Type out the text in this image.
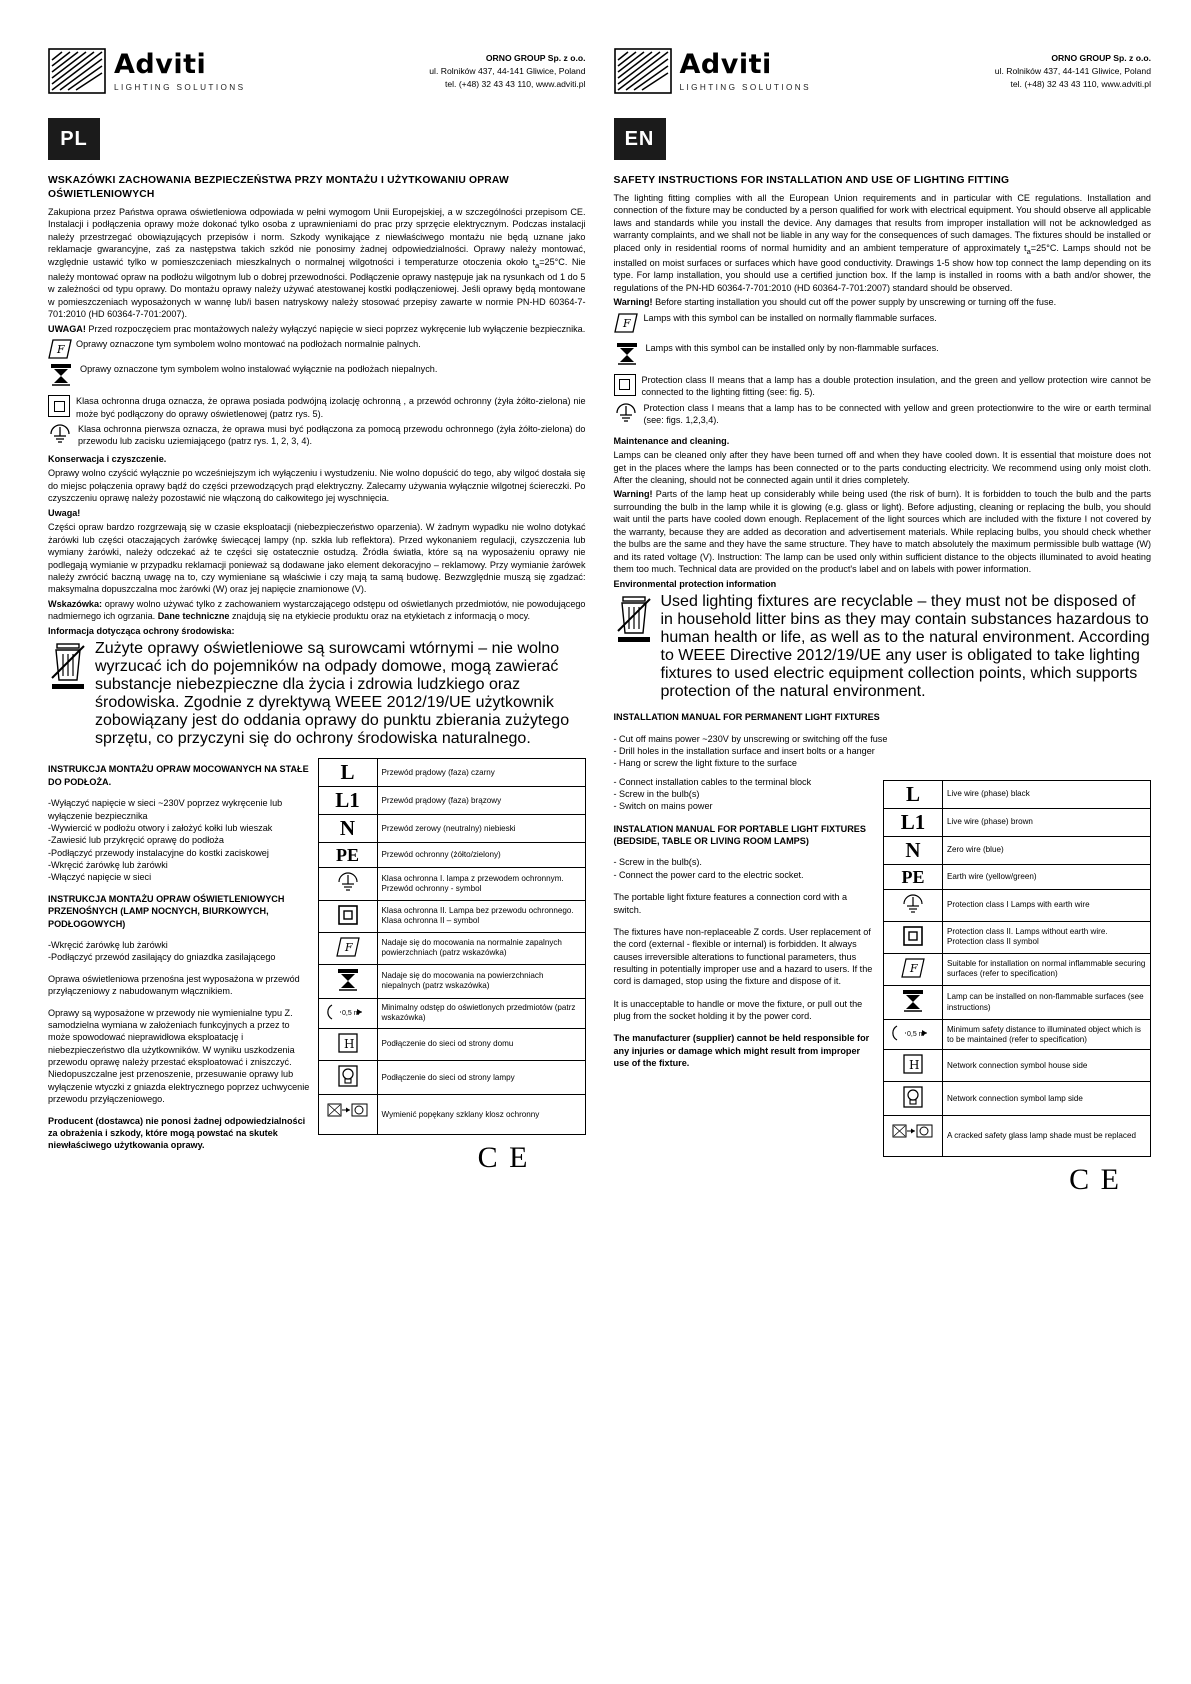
Adviti
LIGHTING SOLUTIONS
ORNO GROUP Sp. z o.o.
ul. Rolników 437, 44-141 Gliwice, Poland
tel. (+48) 32 43 43 110, www.adviti.pl
PL
WSKAZÓWKI ZACHOWANIA BEZPIECZEŃSTWA PRZY MONTAŻU I UŻYTKOWANIU OPRAW OŚWIETLENIOWYCH

Zakupiona przez Państwa oprawa oświetleniowa odpowiada w pełni wymogom Unii Europejskiej, a w szczególności przepisom CE. Instalacji i podłączenia oprawy może dokonać tylko osoba z uprawnieniami do prac przy sprzęcie elektrycznym. Podczas instalacji należy przestrzegać obowiązujących przepisów i norm. Szkody wynikające z niewłaściwego montażu nie będą uznane jako reklamacje gwarancyjne, zaś za następstwa takich szkód nie ponosimy żadnej odpowiedzialności. Oprawy należy montować, względnie ustawić tylko w pomieszczeniach mieszkalnych o normalnej wilgotności i temperaturze otoczenia około $t_a=25^\circ C$. Nie należy montować opraw na podłożu wilgotnym lub o dobrej przewodności. Podłączenie oprawy następuje jak na rysunkach od 1 do 5 w zależności od typu oprawy. Do montażu oprawy należy używać atestowanej kostki podłączeniowej. Jeśli oprawy będą montowane w pomieszczeniach wyposażonych w wannę lub/i basen natryskowy należy stosować przepisy zawarte w normie PN-HD 60364-7-701:2010 (HD 60364-7-701:2007).

UWAGA! Przed rozpoczęciem prac montażowych należy wyłączyć napięcie w sieci poprzez wykręcenie lub wyłączenie bezpiecznika.

F Oprawy oznaczone tym symbolem wolno montować na podłożach normalnie palnych.
Oprawy oznaczone tym symbolem wolno instalować wyłącznie na podłożach niepalnych.
Klasa ochronna druga oznacza, że oprawa posiada podwójną izolację ochronną , a przewód ochronny (żyła żółto-zielona) nie może być podłączony do oprawy oświetlenowej (patrz rys. 5).
Klasa ochronna pierwsza oznacza, że oprawa musi być podłączona za pomocą przewodu ochronnego (żyła żółto-zielona) do przewodu lub zacisku uziemiającego (patrz rys. 1, 2, 3, 4).

Konserwacja i czyszczenie.

Oprawy wolno czyścić wyłącznie po wcześniejszym ich wyłączeniu i wystudzeniu. Nie wolno dopuścić do tego, aby wilgoć dostała się do miejsc połączenia oprawy bądź do części przewodzących prąd elektryczny. Zalecamy używania wyłącznie wilgotnej ściereczki. Po czyszczeniu oprawę należy pozostawić nie włączoną do całkowitego jej wyschnięcia.

Uwaga!

Części opraw bardzo rozgrzewają się w czasie eksploatacji (niebezpieczeństwo oparzenia). W żadnym wypadku nie wolno dotykać żarówki lub części otaczających żarówkę świecącej lampy (np. szkła lub reflektora). Przed wykonaniem regulacji, czyszczenia lub wymiany żarówki, należy odczekać aż te części się ostatecznie ostudzą. Źródła światła, które są na wyposażeniu oprawy nie podlegają wymianie w przypadku reklamacji ponieważ są dodawane jako element dekoracyjno – reklamowy. Przy wymianie żarówek należy zwrócić baczną uwagę na to, czy wymieniane są właściwie i czy mają ta samą budowę. Bezwzględnie muszą się zgadzać: maksymalna dopuszczalna moc żarówki (W) oraz jej napięcie znamionowe (V).

Wskazówka: oprawy wolno używać tylko z zachowaniem wystarczającego odstępu od oświetlanych przedmiotów, nie powodującego nadmiernego ich ogrzania. Dane techniczne znajdują się na etykiecie produktu oraz na etykietach z informacją o mocy.

Informacja dotycząca ochrony środowiska:

Zużyte oprawy oświetleniowe są surowcami wtórnymi – nie wolno wyrzucać ich do pojemników na odpady domowe, mogą zawierać substancje niebezpieczne dla życia i zdrowia ludzkiego oraz środowiska. Zgodnie z dyrektywą WEEE 2012/19/UE użytkownik zobowiązany jest do oddania oprawy do punktu zbierania zużytego sprzętu, co przyczyni się do ochrony środowiska naturalnego.

INSTRUKCJA MONTAŻU OPRAW MOCOWANYCH NA STAŁE DO PODŁOŻA.

-Wyłączyć napięcie w sieci ~230V poprzez wykręcenie lub wyłączenie bezpiecznika
-Wywiercić w podłożu otwory i założyć kołki lub wieszak
-Zawiesić lub przykręcić oprawę do podłoża
-Podłączyć przewody instalacyjne do kostki zaciskowej
-Wkręcić żarówkę lub żarówki
-Włączyć napięcie w sieci

INSTRUKCJA MONTAŻU OPRAW OŚWIETLENIOWYCH PRZENOŚNYCH (LAMP NOCNYCH, BIURKOWYCH, PODŁOGOWYCH)

-Wkręcić żarówkę lub żarówki
-Podłączyć przewód zasilający do gniazdka zasilającego

Oprawa oświetleniowa przenośna jest wyposażona w przewód przyłączeniowy z nabudowanym włącznikiem.

Oprawy są wyposażone w przewody nie wymienialne typu Z. samodzielna wymiana w założeniach funkcyjnych a przez to może spowodować nieprawidłowa eksploatację i niebezpieczeństwo dla użytkowników. W wyniku uszkodzenia przewodu oprawę należy przestać eksploatować i zniszczyć. Niedopuszczalne jest przenoszenie, przesuwanie oprawy lub wyłączenie wtyczki z gniazda elektrycznego poprzez uchwycenie przewodu przyłączeniowego.

Producent (dostawca) nie ponosi żadnej odpowiedzialności za obrażenia i szkody, które mogą powstać na skutek niewłaściwego użytkowania oprawy.

L	Przewód prądowy (faza) czarny
L1	Przewód prądowy (faza) brązowy
N	Przewód zerowy (neutralny) niebieski
PE	Przewód ochronny (żółto/zielony)
	Klasa ochronna I. lampa z przewodem ochronnym. Przewód ochronny - symbol
	Klasa ochronna II. Lampa bez przewodu ochronnego. Klasa ochronna II – symbol

F	Nadaje się do mocowania na normalnie zapalnych powierzchniach (patrz wskazówka)
	Nadaje się do mocowania na powierzchniach niepalnych (patrz wskazówka)

0,5 m	Minimalny odstęp do oświetlonych przedmiotów (patrz wskazówka)

H	Podłączenie do sieci od strony domu
	Podłączenie do sieci od strony lampy
	Wymienić popękany szklany klosz ochronny
C E
Adviti
LIGHTING SOLUTIONS
ORNO GROUP Sp. z o.o.
ul. Rolników 437, 44-141 Gliwice, Poland
tel. (+48) 32 43 43 110, www.adviti.pl
EN
SAFETY INSTRUCTIONS FOR INSTALLATION AND USE OF LIGHTING FITTING

The lighting fitting complies with all the European Union requirements and in particular with CE regulations. Installation and connection of the fixture may be conducted by a person qualified for work with electrical equipment. You should observe all applicable laws and standards while you install the device. Any damages that results from improper installation will not be acknowledged as warranty complaints, and we shall not be liable in any way for the consequences of such damages. The fixtures should be installed or placed only in residential rooms of normal humidity and an ambient temperature of approximately $t_a=25^\circ C$. Lamps should not be installed on moist surfaces or surfaces which have good conductivity. Drawings 1-5 show how top connect the lamp depending on its type. For lamp installation, you should use a certified junction box. If the lamp is installed in rooms with a bath and/or shower, the regulations of the PN-HD 60364-7-701:2010 (HD 60364-7-701:2007) standard should be observed.

Warning! Before starting installation you should cut off the power supply by unscrewing or turning off the fuse.

F Lamps with this symbol can be installed on normally flammable surfaces.
Lamps with this symbol can be installed only by non-flammable surfaces.
Protection class II means that a lamp has a double protection insulation, and the green and yellow protection wire cannot be connected to the lighting fitting (see: fig. 5).
Protection class I means that a lamp has to be connected with yellow and green protectionwire to the wire or earth terminal (see: figs. 1,2,3,4).

Maintenance and cleaning.

Lamps can be cleaned only after they have been turned off and when they have cooled down. It is essential that moisture does not get in the places where the lamps has been connected or to the parts conducting electricity. We recommend using only moist cloth. After the cleaning, should not be connected again until it dries completely.

Warning! Parts of the lamp heat up considerably while being used (the risk of burn). It is forbidden to touch the bulb and the parts surrounding the bulb in the lamp while it is glowing (e.g. glass or light). Before adjusting, cleaning or replacing the bulb, you should wait until the parts have cooled down enough. Replacement of the light sources which are included with the fixture I not covered by the warranty, because they are added as decoration and advertisement materials. While replacing bulbs, you should check whether the bulbs are the same and they have the same structure. They have to match absolutely the maximum permissible bulb wattage (W) and its rated voltage (V). Instruction: The lamp can be used only within sufficient distance to the objects illuminated to avoid heating them too much. Technical data are provided on the product's label and on labels with power information.

Environmental protection information

Used lighting fixtures are recyclable – they must not be disposed of in household litter bins as they may contain substances hazardous to human health or life, as well as to the natural environment. According to WEEE Directive 2012/19/UE any user is obligated to take lighting fixtures to used electric equipment collection points, which supports protection of the natural environment.

INSTALLATION MANUAL FOR PERMANENT LIGHT FIXTURES

- Cut off mains power ~230V by unscrewing or switching off the fuse
- Drill holes in the installation surface and insert bolts or a hanger
- Hang or screw the light fixture to the surface
- Connect installation cables to the terminal block
- Screw in the bulb(s)
- Switch on mains power

INSTALATION MANUAL FOR PORTABLE LIGHT FIXTURES (BEDSIDE, TABLE OR LIVING ROOM LAMPS)

- Screw in the bulb(s).
- Connect the power card to the electric socket.

The portable light fixture features a connection cord with a switch.

The fixtures have non-replaceable Z cords. User replacement of the cord (external - flexible or internal) is forbidden. It always causes irreversible alterations to functional parameters, thus resulting in potentially improper use and a hazard to users. If the cord is damaged, stop using the fixture and dispose of it.

It is unacceptable to handle or move the fixture, or pull out the plug from the socket holding it by the power cord.

The manufacturer (supplier) cannot be held responsible for any injuries or damage which might result from improper use of the fixture.

L	Live wire (phase) black
L1	Live wire (phase) brown
N	Zero wire (blue)
PE	Earth wire (yellow/green)
	Protection class I Lamps with earth wire
	Protection class II. Lamps without earth wire. Protection class II symbol

F	Suitable for installation on normal inflammable securing surfaces (refer to specification)
	Lamp can be installed on non-flammable surfaces (see instructions)

0,5 m	Minimum safety distance to illuminated object which is to be maintained (refer to specification)

H	Network connection symbol house side
	Network connection symbol lamp side
	A cracked safety glass lamp shade must be replaced
C E
